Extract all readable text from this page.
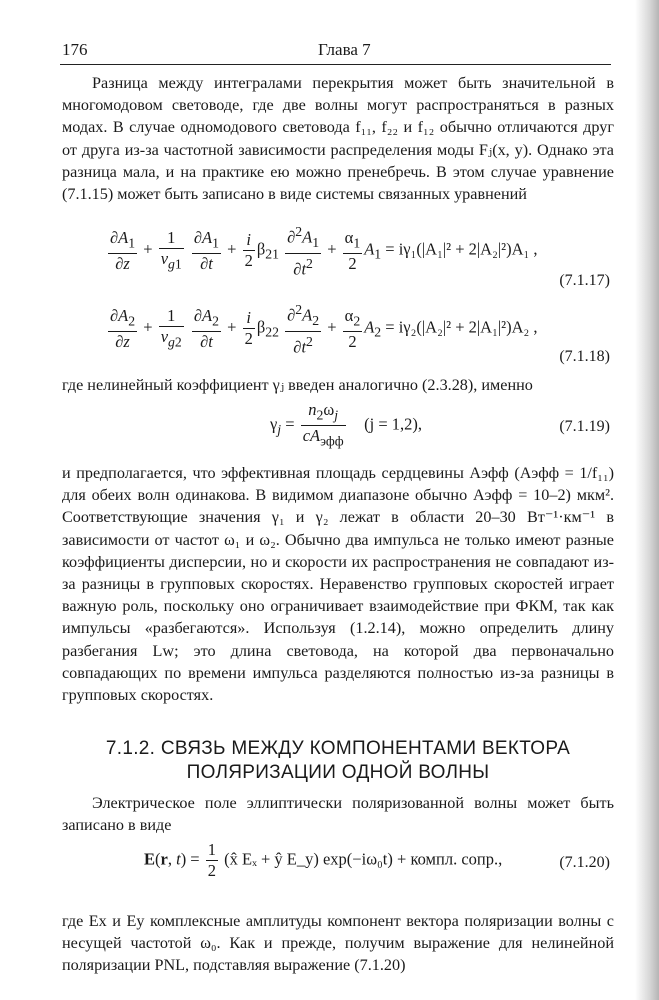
176	Глава 7

Разница между интегралами перекрытия может быть значительной в многомодовом световоде, где две волны могут распространяться в разных модах. В случае одномодового световода f₁₁, f₂₂ и f₁₂ обычно отличаются друг от друга из-за частотной зависимости распределения моды Fⱼ(x, y). Однако эта разница мала, и на практике ею можно пренебречь. В этом случае уравнение (7.1.15) может быть записано в виде системы связанных уравнений

$\frac{\partial A_1}{\partial z} + \frac{1}{v_{g1}}$
$\frac{\partial A_1}{\partial t} + \frac{i}{2} \beta_{21} \frac{\partial^2A_1}{\partial t^2} + \frac{\alpha_1}{2} A_1 = i\gamma_1(|A_1|^2 + 2|A_2|^2)A_1$ ,
(7.1.17)
$\frac{\partial A_2}{\partial z} + \frac{1}{v_{g2}}$
$\frac{\partial A_2}{\partial t} + \frac{i}{2} \beta_{22} \frac{\partial^2A_2}{\partial t^2} + \frac{\alpha_2}{2} A_2 = i\gamma_2(|A_2|^2 + 2|A_1|^2)A_2$ ,
(7.1.18)

где нелинейный коэффициент γⱼ введен аналогично (2.3.28), именно

$\gamma_j = \frac{n_2\omega_j}{cA_{эфф}} (j = 1,2)$,	(7.1.19)

и предполагается, что эффективная площадь сердцевины Aэфф (Aэфф = 1/f₁₁) для обеих волн одинакова. В видимом диапазоне обычно Aэфф = 10–2) мкм². Соответствующие значения γ₁ и γ₂ лежат в области 20–30 Вт⁻¹·км⁻¹ в зависимости от частот ω₁ и ω₂. Обычно два импульса не только имеют разные коэффициенты дисперсии, но и скорости их распространения не совпадают из-за разницы в групповых скоростях. Неравенство групповых скоростей играет важную роль, поскольку оно ограничивает взаимодействие при ФКМ, так как импульсы «разбегаются». Используя (1.2.14), можно определить длину разбегания Lw; это длина световода, на которой два первоначально совпадающих по времени импульса разделяются полностью из-за разницы в групповых скоростях.

7.1.2. СВЯЗЬ МЕЖДУ КОМПОНЕНТАМИ ВЕКТОРА
ПОЛЯРИЗАЦИИ ОДНОЙ ВОЛНЫ

Электрическое поле эллиптически поляризованной волны может быть записано в виде

E(r, $t) = \frac{1}{2}$ (x̂ Eₓ + ŷ E_y) exp(−iω₀t) + компл. сопр.,	(7.1.20)

где Ex и Ey комплексные амплитуды компонент вектора поляризации волны с несущей частотой ω₀. Как и прежде, получим выражение для нелинейной поляризации PNL, подставляя выражение (7.1.20)
